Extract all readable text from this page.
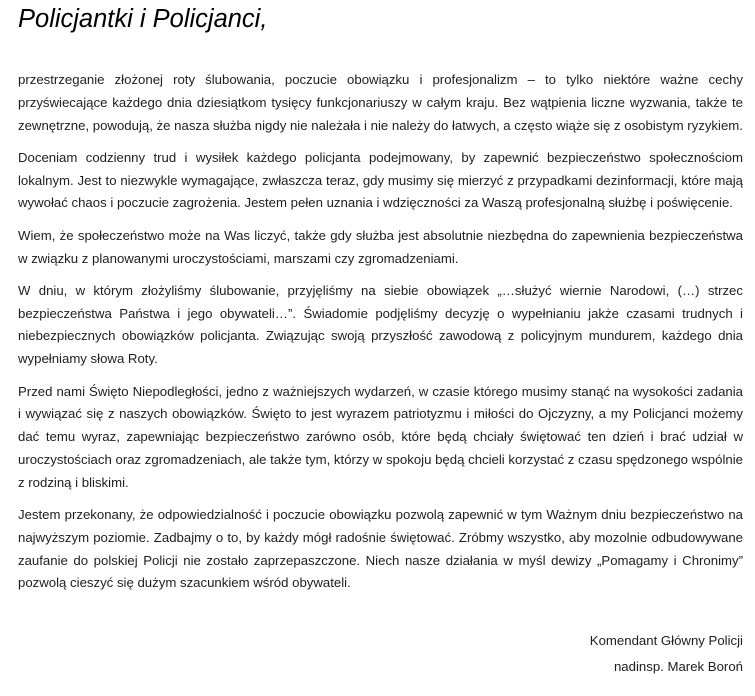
Policjantki i Policjanci,

przestrzeganie złożonej roty ślubowania, poczucie obowiązku i profesjonalizm – to tylko niektóre ważne cechy przyświecające każdego dnia dziesiątkom tysięcy funkcjonariuszy w całym kraju. Bez wątpienia liczne wyzwania, także te zewnętrzne, powodują, że nasza służba nigdy nie należała i nie należy do łatwych, a często wiąże się z osobistym ryzykiem.

Doceniam codzienny trud i wysiłek każdego policjanta podejmowany, by zapewnić bezpieczeństwo społecznościom lokalnym. Jest to niezwykle wymagające, zwłaszcza teraz, gdy musimy się mierzyć z przypadkami dezinformacji, które mają wywołać chaos i poczucie zagrożenia. Jestem pełen uznania i wdzięczności za Waszą profesjonalną służbę i poświęcenie.

Wiem, że społeczeństwo może na Was liczyć, także gdy służba jest absolutnie niezbędna do zapewnienia bezpieczeństwa w związku z planowanymi uroczystościami, marszami czy zgromadzeniami.

W dniu, w którym złożyliśmy ślubowanie, przyjęliśmy na siebie obowiązek „…służyć wiernie Narodowi, (…) strzec bezpieczeństwa Państwa i jego obywateli…”. Świadomie podjęliśmy decyzję o wypełnianiu jakże czasami trudnych i niebezpiecznych obowiązków policjanta. Związując swoją przyszłość zawodową z policyjnym mundurem, każdego dnia wypełniamy słowa Roty.

Przed nami Święto Niepodległości, jedno z ważniejszych wydarzeń, w czasie którego musimy stanąć na wysokości zadania i wywiązać się z naszych obowiązków. Święto to jest wyrazem patriotyzmu i miłości do Ojczyzny, a my Policjanci możemy dać temu wyraz, zapewniając bezpieczeństwo zarówno osób, które będą chciały świętować ten dzień i brać udział w uroczystościach oraz zgromadzeniach, ale także tym, którzy w spokoju będą chcieli korzystać z czasu spędzonego wspólnie z rodziną i bliskimi.

Jestem przekonany, że odpowiedzialność i poczucie obowiązku pozwolą zapewnić w tym Ważnym dniu bezpieczeństwo na najwyższym poziomie. Zadbajmy o to, by każdy mógł radośnie świętować. Zróbmy wszystko, aby mozolnie odbudowywane zaufanie do polskiej Policji nie zostało zaprzepaszczone. Niech nasze działania w myśl dewizy „Pomagamy i Chronimy” pozwolą cieszyć się dużym szacunkiem wśród obywateli.

Komendant Główny Policji
nadinsp. Marek Boroń
